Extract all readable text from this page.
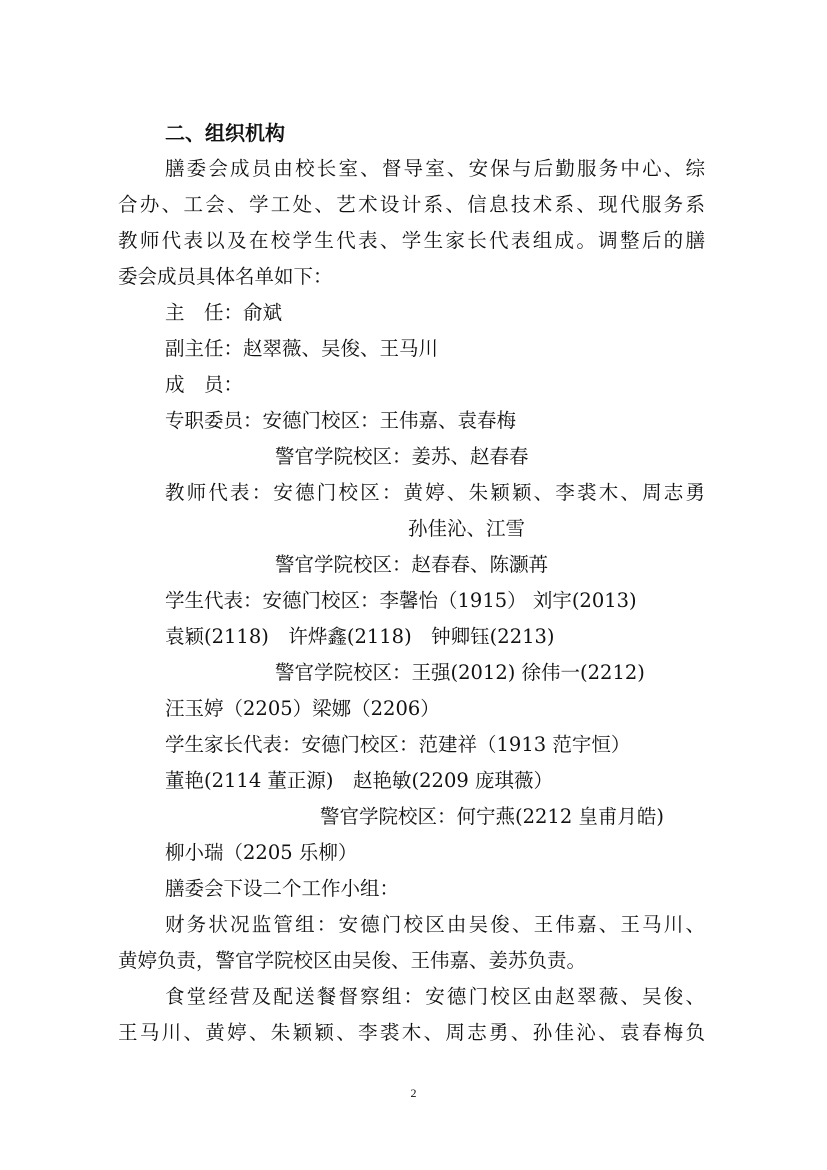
二、组织机构
膳委会成员由校长室、督导室、安保与后勤服务中心、综
合办、工会、学工处、艺术设计系、信息技术系、现代服务系
教师代表以及在校学生代表、学生家长代表组成。调整后的膳
委会成员具体名单如下：
主　任：俞斌
副主任：赵翠薇、吴俊、王马川
成　员：
专职委员：安德门校区：王伟嘉、袁春梅
警官学院校区：姜苏、赵春春
教师代表：安德门校区：黄婷、朱颖颖、李裘木、周志勇
孙佳沁、江雪
警官学院校区：赵春春、陈灏苒
学生代表：安德门校区：李馨怡（1915） 刘宇(2013)
袁颖(2118)　许烨鑫(2118)　钟卿钰(2213)
警官学院校区：王强(2012) 徐伟一(2212)
汪玉婷（2205）梁娜（2206）
学生家长代表：安德门校区：范建祥（1913 范宇恒）
董艳(2114 董正源)　赵艳敏(2209 庞琪薇）
警官学院校区：何宁燕(2212 皇甫月皓)
柳小瑞（2205 乐柳）
膳委会下设二个工作小组：
财务状况监管组：安德门校区由吴俊、王伟嘉、王马川、
黄婷负责，警官学院校区由吴俊、王伟嘉、姜苏负责。
食堂经营及配送餐督察组：安德门校区由赵翠薇、吴俊、
王马川、黄婷、朱颖颖、李裘木、周志勇、孙佳沁、袁春梅负
2
